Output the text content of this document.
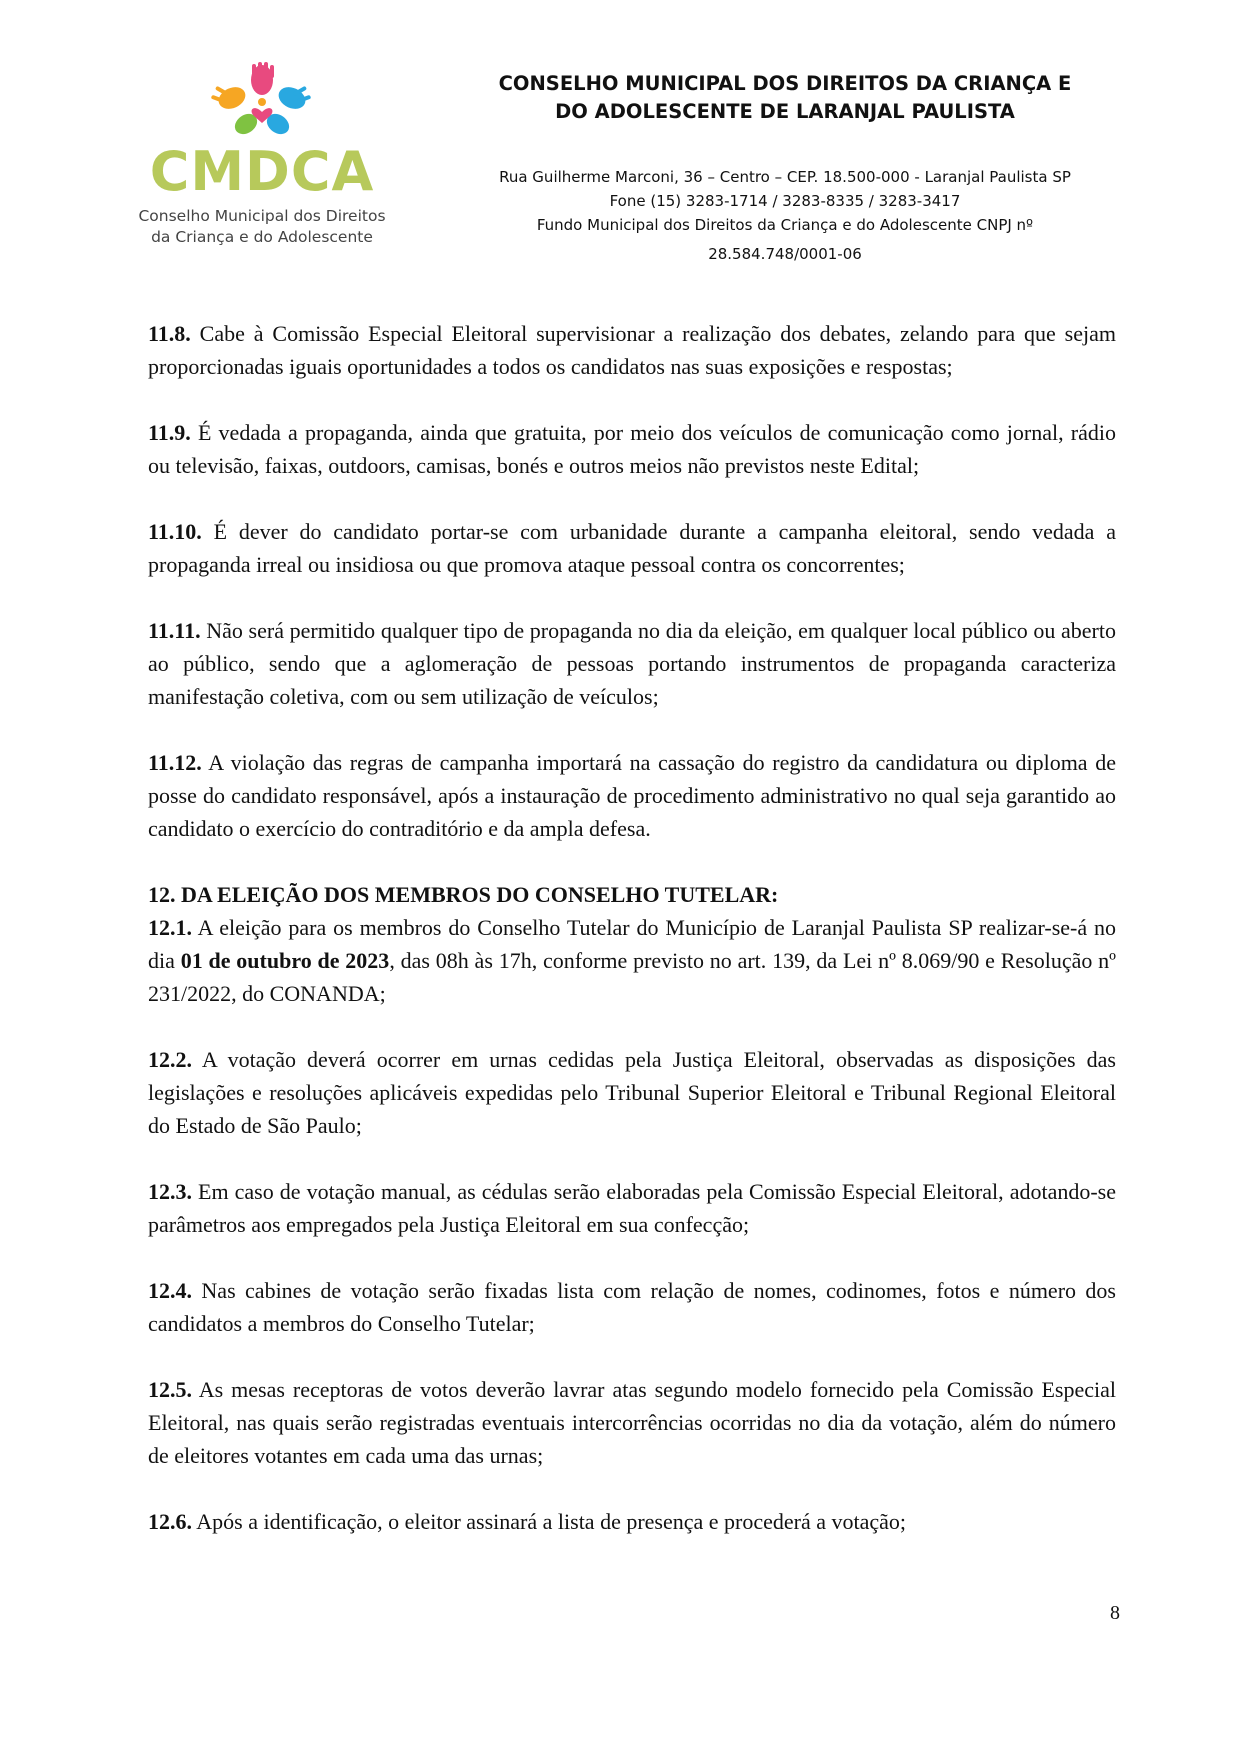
CMDCA
Conselho Municipal dos Direitos
da Criança e do Adolescente
CONSELHO MUNICIPAL DOS DIREITOS DA CRIANÇA E
DO ADOLESCENTE DE LARANJAL PAULISTA
Rua Guilherme Marconi, 36 – Centro – CEP. 18.500-000 - Laranjal Paulista SP
Fone (15) 3283-1714 / 3283-8335 / 3283-3417
Fundo Municipal dos Direitos da Criança e do Adolescente CNPJ nº
28.584.748/0001-06

11.8. Cabe à Comissão Especial Eleitoral supervisionar a realização dos debates, zelando para que sejam proporcionadas iguais oportunidades a todos os candidatos nas suas exposições e respostas;

11.9. É vedada a propaganda, ainda que gratuita, por meio dos veículos de comunicação como jornal, rádio ou televisão, faixas, outdoors, camisas, bonés e outros meios não previstos neste Edital;

11.10. É dever do candidato portar-se com urbanidade durante a campanha eleitoral, sendo vedada a propaganda irreal ou insidiosa ou que promova ataque pessoal contra os concorrentes;

11.11. Não será permitido qualquer tipo de propaganda no dia da eleição, em qualquer local público ou aberto ao público, sendo que a aglomeração de pessoas portando instrumentos de propaganda caracteriza manifestação coletiva, com ou sem utilização de veículos;

11.12. A violação das regras de campanha importará na cassação do registro da candidatura ou diploma de posse do candidato responsável, após a instauração de procedimento administrativo no qual seja garantido ao candidato o exercício do contraditório e da ampla defesa.

12. DA ELEIÇÃO DOS MEMBROS DO CONSELHO TUTELAR:

12.1. A eleição para os membros do Conselho Tutelar do Município de Laranjal Paulista SP realizar-se-á no dia 01 de outubro de 2023, das 08h às 17h, conforme previsto no art. 139, da Lei nº 8.069/90 e Resolução nº 231/2022, do CONANDA;

12.2. A votação deverá ocorrer em urnas cedidas pela Justiça Eleitoral, observadas as disposições das legislações e resoluções aplicáveis expedidas pelo Tribunal Superior Eleitoral e Tribunal Regional Eleitoral do Estado de São Paulo;

12.3. Em caso de votação manual, as cédulas serão elaboradas pela Comissão Especial Eleitoral, adotando-se parâmetros aos empregados pela Justiça Eleitoral em sua confecção;

12.4. Nas cabines de votação serão fixadas lista com relação de nomes, codinomes, fotos e número dos candidatos a membros do Conselho Tutelar;

12.5. As mesas receptoras de votos deverão lavrar atas segundo modelo fornecido pela Comissão Especial Eleitoral, nas quais serão registradas eventuais intercorrências ocorridas no dia da votação, além do número de eleitores votantes em cada uma das urnas;

12.6. Após a identificação, o eleitor assinará a lista de presença e procederá a votação;

8
